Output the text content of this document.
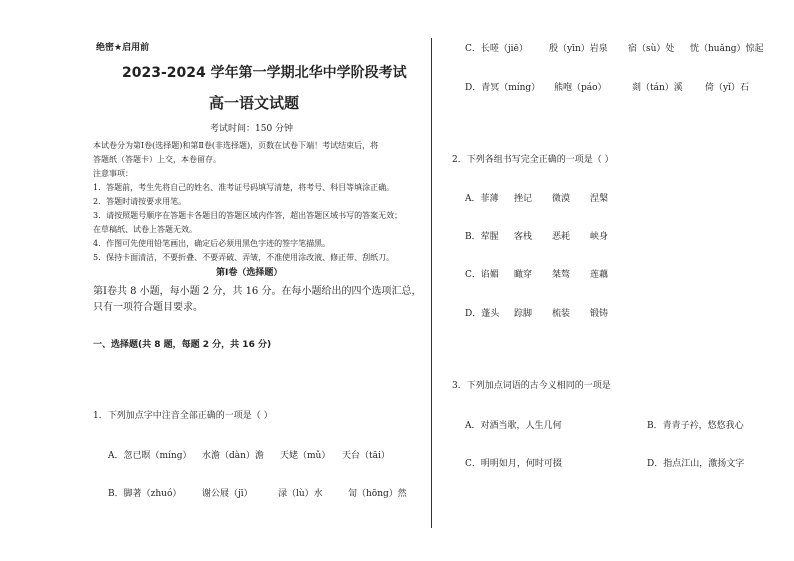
绝密★启用前
2023-2024 学年第一学期北华中学阶段考试
高一语文试题
考试时间：150 分钟
本试卷分为第Ⅰ卷(选择题)和第Ⅱ卷(非选择题)，页数在试卷下端！考试结束后，将
答题纸（答题卡）上交，本卷留存。
注意事项：
1．答题前，考生先将自己的姓名、准考证号码填写清楚，将考号、科目等填涂正确。
2．答题时请按要求用笔。
3．请按照题号顺序在答题卡各题目的答题区域内作答，超出答题区域书写的答案无效；
在草稿纸、试卷上答题无效。
4．作图可先使用铅笔画出，确定后必须用黑色字迹的签字笔描黑。
5．保持卡面清洁，不要折叠、不要弄破、弄皱，不准使用涂改液、修正带、刮纸刀。
第Ⅰ卷（选择题）
第Ⅰ卷共 8 小题，每小题 2 分，共 16 分。在每小题给出的四个选项汇总，
只有一项符合题目要求。
一、选择题(共 8 题，每题 2 分，共 16 分)
1．下列加点字中注音全部正确的一项是（ ）
A．忽已暝（míng） 水澹（dàn）澹 天姥（mǔ） 天台（tāi）
B．脚著（zhuó） 谢公屐（jī）	渌（lù）水	訇（hōng）然
C．长嗟（jiē） 殷（yīn）岩泉 宿（sù）处 恍（huǎng）惊起
D．青冥（míng） 熊咆（páo）	剡（tán）溪 倚（yǐ）石
2．下列各组书写完全正确的一项是（ ）
A．菲薄 挫记 微漠 涅槃
B．荤腥 客栈 恶耗 峡身
C．谄媚 瞰穿 桀骜 莲藕
D．蓬头 踪脚 梳装 锻铸
3．下列加点词语的古今义相同的一项是
A．对酒当歌，人生几何	B．青青子衿，悠悠我心
C．明明如月，何时可掇	D．指点江山，激扬文字
